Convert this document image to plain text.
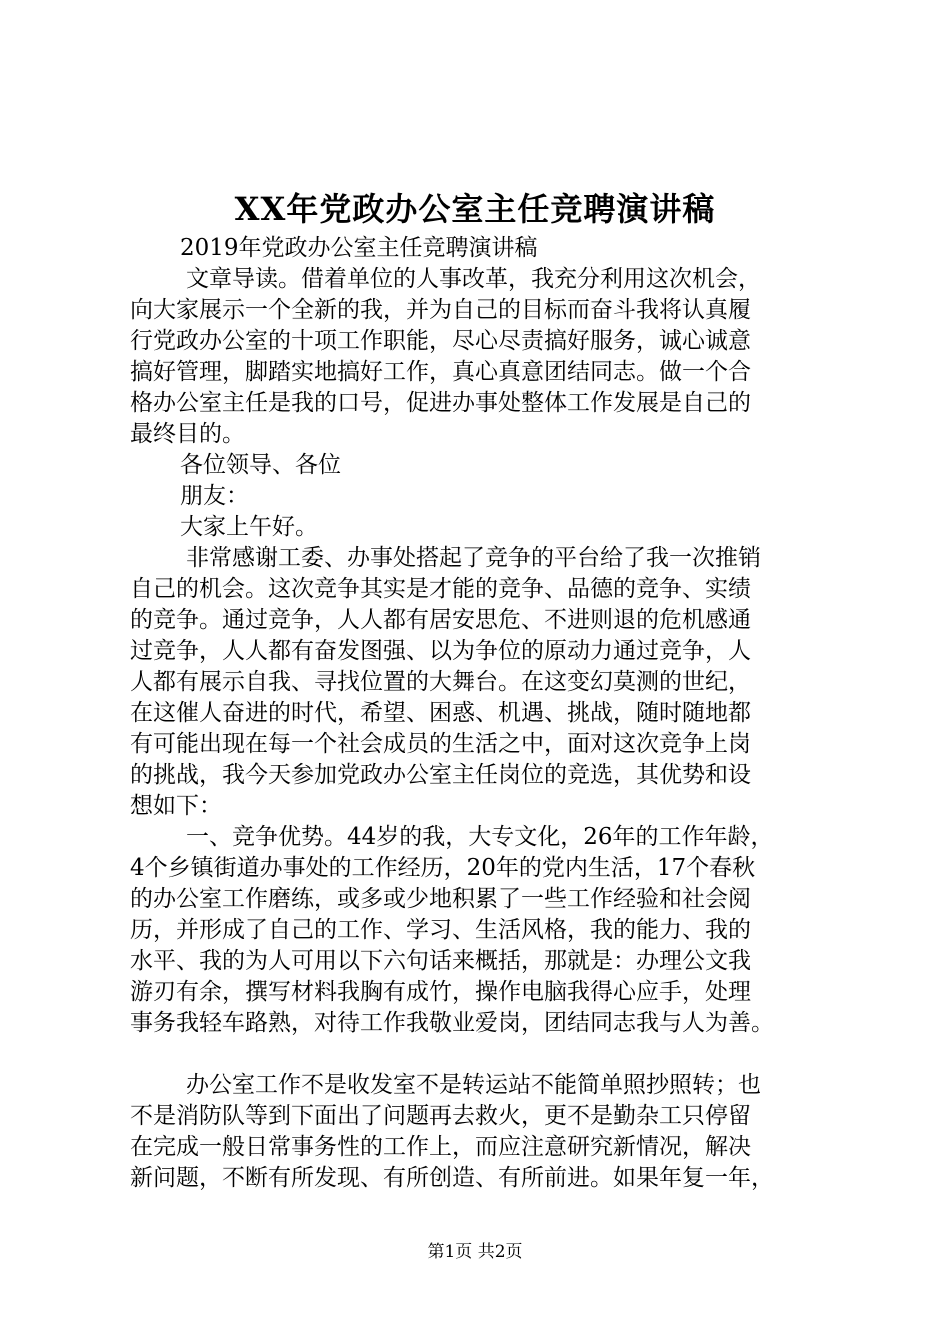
XX年党政办公室主任竞聘演讲稿
2019年党政办公室主任竞聘演讲稿
文章导读。借着单位的人事改革，我充分利用这次机会，
向大家展示一个全新的我，并为自己的目标而奋斗我将认真履
行党政办公室的十项工作职能，尽心尽责搞好服务，诚心诚意
搞好管理，脚踏实地搞好工作，真心真意团结同志。做一个合
格办公室主任是我的口号，促进办事处整体工作发展是自己的
最终目的。
各位领导、各位
朋友：
大家上午好。
非常感谢工委、办事处搭起了竞争的平台给了我一次推销
自己的机会。这次竞争其实是才能的竞争、品德的竞争、实绩
的竞争。通过竞争，人人都有居安思危、不进则退的危机感通
过竞争，人人都有奋发图强、以为争位的原动力通过竞争，人
人都有展示自我、寻找位置的大舞台。在这变幻莫测的世纪，
在这催人奋进的时代，希望、困惑、机遇、挑战，随时随地都
有可能出现在每一个社会成员的生活之中，面对这次竞争上岗
的挑战，我今天参加党政办公室主任岗位的竞选，其优势和设
想如下：
一、竞争优势。44岁的我，大专文化，26年的工作年龄，
4个乡镇街道办事处的工作经历，20年的党内生活，17个春秋
的办公室工作磨练，或多或少地积累了一些工作经验和社会阅
历，并形成了自己的工作、学习、生活风格，我的能力、我的
水平、我的为人可用以下六句话来概括，那就是：办理公文我
游刃有余，撰写材料我胸有成竹，操作电脑我得心应手，处理
事务我轻车路熟，对待工作我敬业爱岗，团结同志我与人为善。
办公室工作不是收发室不是转运站不能简单照抄照转；也
不是消防队等到下面出了问题再去救火，更不是勤杂工只停留
在完成一般日常事务性的工作上，而应注意研究新情况，解决
新问题，不断有所发现、有所创造、有所前进。如果年复一年，
第1页 共2页
